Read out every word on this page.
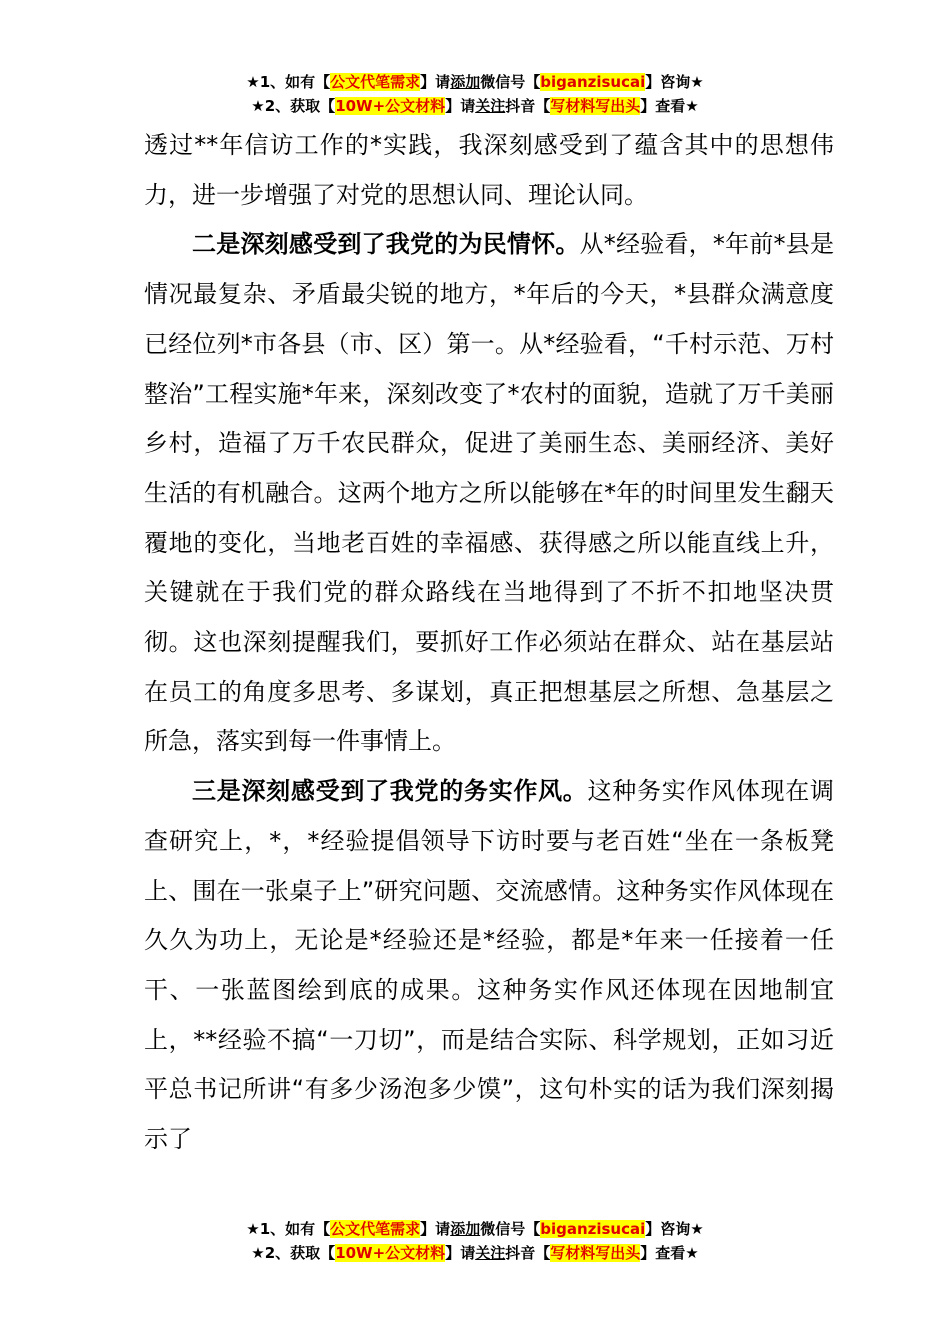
★1、如有【公文代笔需求】请添加微信号【biganzisucai】咨询★
★2、获取【10W+公文材料】请关注抖音【写材料写出头】查看★

透过**年信访工作的*实践，我深刻感受到了蕴含其中的思想伟力，进一步增强了对党的思想认同、理论认同。

二是深刻感受到了我党的为民情怀。从*经验看，*年前*县是情况最复杂、矛盾最尖锐的地方，*年后的今天，*县群众满意度已经位列*市各县（市、区）第一。从*经验看，“千村示范、万村整治”工程实施*年来，深刻改变了*农村的面貌，造就了万千美丽乡村，造福了万千农民群众，促进了美丽生态、美丽经济、美好生活的有机融合。这两个地方之所以能够在*年的时间里发生翻天覆地的变化，当地老百姓的幸福感、获得感之所以能直线上升，关键就在于我们党的群众路线在当地得到了不折不扣地坚决贯彻。这也深刻提醒我们，要抓好工作必须站在群众、站在基层站在员工的角度多思考、多谋划，真正把想基层之所想、急基层之所急，落实到每一件事情上。

三是深刻感受到了我党的务实作风。这种务实作风体现在调查研究上，*，*经验提倡领导下访时要与老百姓“坐在一条板凳上、围在一张桌子上”研究问题、交流感情。这种务实作风体现在久久为功上，无论是*经验还是*经验，都是*年来一任接着一任干、一张蓝图绘到底的成果。这种务实作风还体现在因地制宜上，**经验不搞“一刀切”，而是结合实际、科学规划，正如习近平总书记所讲“有多少汤泡多少馍”，这句朴实的话为我们深刻揭示了

★1、如有【公文代笔需求】请添加微信号【biganzisucai】咨询★
★2、获取【10W+公文材料】请关注抖音【写材料写出头】查看★
